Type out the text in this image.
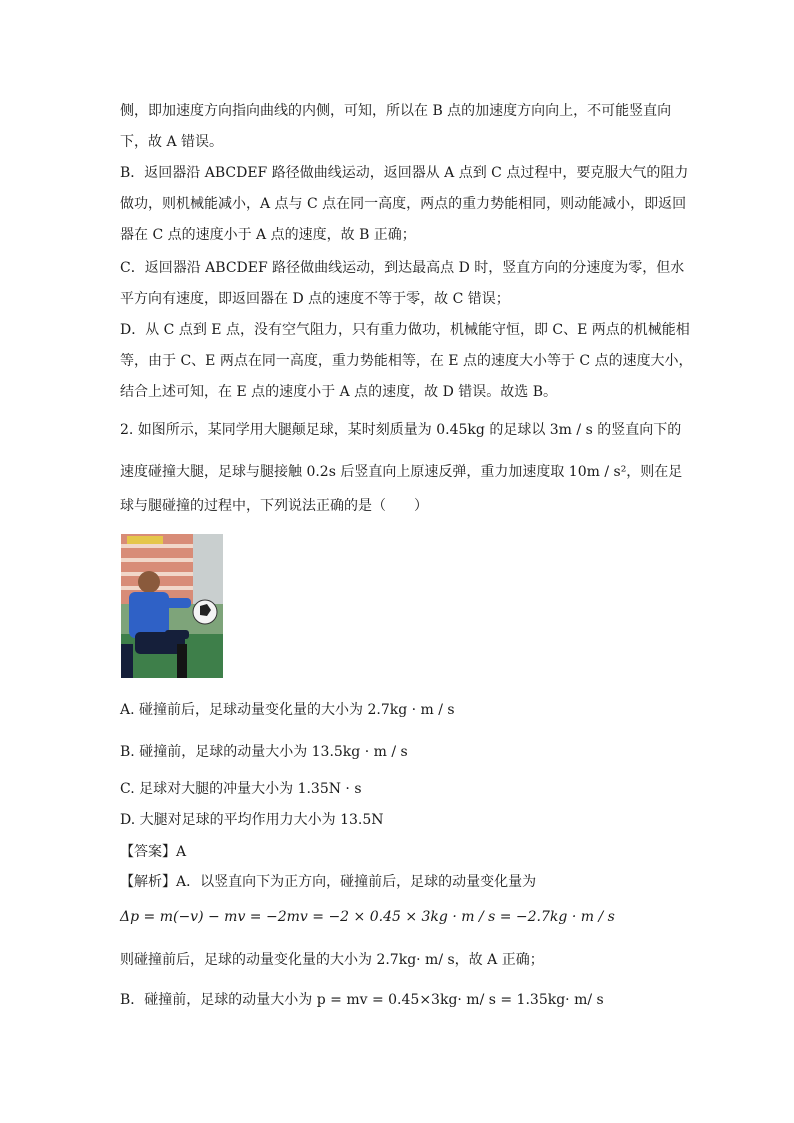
侧，即加速度方向指向曲线的内侧，可知，所以在 B 点的加速度方向向上，不可能竖直向
下，故 A 错误。
B．返回器沿 ABCDEF 路径做曲线运动，返回器从 A 点到 C 点过程中，要克服大气的阻力
做功，则机械能减小，A 点与 C 点在同一高度，两点的重力势能相同，则动能减小，即返回
器在 C 点的速度小于 A 点的速度，故 B 正确；
C．返回器沿 ABCDEF 路径做曲线运动，到达最高点 D 时，竖直方向的分速度为零，但水
平方向有速度，即返回器在 D 点的速度不等于零，故 C 错误；
D．从 C 点到 E 点，没有空气阻力，只有重力做功，机械能守恒，即 C、E 两点的机械能相
等，由于 C、E 两点在同一高度，重力势能相等，在 E 点的速度大小等于 C 点的速度大小，
结合上述可知，在 E 点的速度小于 A 点的速度，故 D 错误。故选 B。
2. 如图所示，某同学用大腿颠足球，某时刻质量为 0.45kg 的足球以 3m / s 的竖直向下的
速度碰撞大腿，足球与腿接触 0.2s 后竖直向上原速反弹，重力加速度取 10m / s²，则在足
球与腿碰撞的过程中，下列说法正确的是（　　）
A. 碰撞前后，足球动量变化量的大小为 2.7kg · m / s
B. 碰撞前，足球的动量大小为 13.5kg · m / s
C. 足球对大腿的冲量大小为 1.35N · s
D. 大腿对足球的平均作用力大小为 13.5N
【答案】A
【解析】A．以竖直向下为正方向，碰撞前后，足球的动量变化量为
Δp = m(−v) − mv = −2mv = −2 × 0.45 × 3kg · m / s = −2.7kg · m / s
则碰撞前后，足球的动量变化量的大小为 2.7kg· m/ s，故 A 正确；
B．碰撞前，足球的动量大小为 p = mv = 0.45×3kg· m/ s = 1.35kg· m/ s
